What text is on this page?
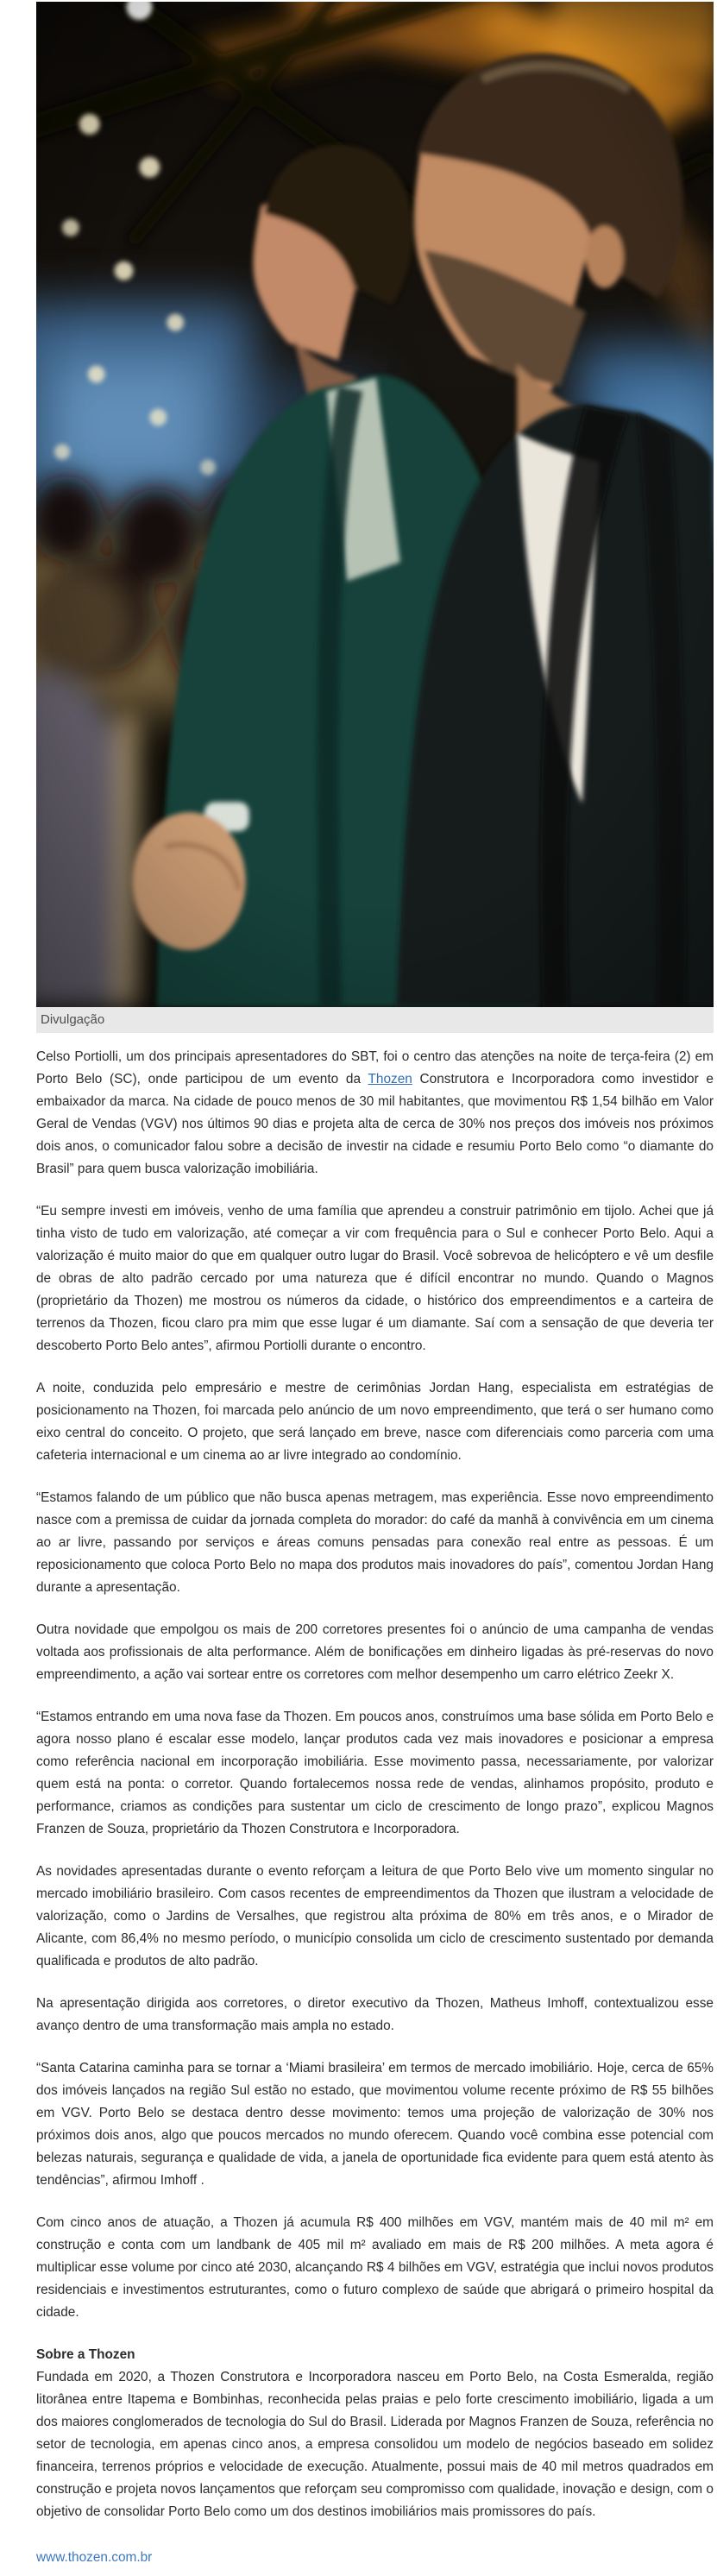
Divulgação

Celso Portiolli, um dos principais apresentadores do SBT, foi o centro das atenções na noite de terça-feira (2) em Porto Belo (SC), onde participou de um evento da Thozen Construtora e Incorporadora como investidor e embaixador da marca. Na cidade de pouco menos de 30 mil habitantes, que movimentou R$ 1,54 bilhão em Valor Geral de Vendas (VGV) nos últimos 90 dias e projeta alta de cerca de 30% nos preços dos imóveis nos próximos dois anos, o comunicador falou sobre a decisão de investir na cidade e resumiu Porto Belo como “o diamante do Brasil” para quem busca valorização imobiliária.

“Eu sempre investi em imóveis, venho de uma família que aprendeu a construir patrimônio em tijolo. Achei que já tinha visto de tudo em valorização, até começar a vir com frequência para o Sul e conhecer Porto Belo. Aqui a valorização é muito maior do que em qualquer outro lugar do Brasil. Você sobrevoa de helicóptero e vê um desfile de obras de alto padrão cercado por uma natureza que é difícil encontrar no mundo. Quando o Magnos (proprietário da Thozen) me mostrou os números da cidade, o histórico dos empreendimentos e a carteira de terrenos da Thozen, ficou claro pra mim que esse lugar é um diamante. Saí com a sensação de que deveria ter descoberto Porto Belo antes”, afirmou Portiolli durante o encontro.

A noite, conduzida pelo empresário e mestre de cerimônias Jordan Hang, especialista em estratégias de posicionamento na Thozen, foi marcada pelo anúncio de um novo empreendimento, que terá o ser humano como eixo central do conceito. O projeto, que será lançado em breve, nasce com diferenciais como parceria com uma cafeteria internacional e um cinema ao ar livre integrado ao condomínio.

“Estamos falando de um público que não busca apenas metragem, mas experiência. Esse novo empreendimento nasce com a premissa de cuidar da jornada completa do morador: do café da manhã à convivência em um cinema ao ar livre, passando por serviços e áreas comuns pensadas para conexão real entre as pessoas. É um reposicionamento que coloca Porto Belo no mapa dos produtos mais inovadores do país”, comentou Jordan Hang durante a apresentação.

Outra novidade que empolgou os mais de 200 corretores presentes foi o anúncio de uma campanha de vendas voltada aos profissionais de alta performance. Além de bonificações em dinheiro ligadas às pré-reservas do novo empreendimento, a ação vai sortear entre os corretores com melhor desempenho um carro elétrico Zeekr X.

“Estamos entrando em uma nova fase da Thozen. Em poucos anos, construímos uma base sólida em Porto Belo e agora nosso plano é escalar esse modelo, lançar produtos cada vez mais inovadores e posicionar a empresa como referência nacional em incorporação imobiliária. Esse movimento passa, necessariamente, por valorizar quem está na ponta: o corretor. Quando fortalecemos nossa rede de vendas, alinhamos propósito, produto e performance, criamos as condições para sustentar um ciclo de crescimento de longo prazo”, explicou Magnos Franzen de Souza, proprietário da Thozen Construtora e Incorporadora.

As novidades apresentadas durante o evento reforçam a leitura de que Porto Belo vive um momento singular no mercado imobiliário brasileiro. Com casos recentes de empreendimentos da Thozen que ilustram a velocidade de valorização, como o Jardins de Versalhes, que registrou alta próxima de 80% em três anos, e o Mirador de Alicante, com 86,4% no mesmo período, o município consolida um ciclo de crescimento sustentado por demanda qualificada e produtos de alto padrão.

Na apresentação dirigida aos corretores, o diretor executivo da Thozen, Matheus Imhoff, contextualizou esse avanço dentro de uma transformação mais ampla no estado.

“Santa Catarina caminha para se tornar a ‘Miami brasileira’ em termos de mercado imobiliário. Hoje, cerca de 65% dos imóveis lançados na região Sul estão no estado, que movimentou volume recente próximo de R$ 55 bilhões em VGV. Porto Belo se destaca dentro desse movimento: temos uma projeção de valorização de 30% nos próximos dois anos, algo que poucos mercados no mundo oferecem. Quando você combina esse potencial com belezas naturais, segurança e qualidade de vida, a janela de oportunidade fica evidente para quem está atento às tendências”, afirmou Imhoff .

Com cinco anos de atuação, a Thozen já acumula R$ 400 milhões em VGV, mantém mais de 40 mil m² em construção e conta com um landbank de 405 mil m² avaliado em mais de R$ 200 milhões. A meta agora é multiplicar esse volume por cinco até 2030, alcançando R$ 4 bilhões em VGV, estratégia que inclui novos produtos residenciais e investimentos estruturantes, como o futuro complexo de saúde que abrigará o primeiro hospital da cidade.

Sobre a Thozen

Fundada em 2020, a Thozen Construtora e Incorporadora nasceu em Porto Belo, na Costa Esmeralda, região litorânea entre Itapema e Bombinhas, reconhecida pelas praias e pelo forte crescimento imobiliário, ligada a um dos maiores conglomerados de tecnologia do Sul do Brasil. Liderada por Magnos Franzen de Souza, referência no setor de tecnologia, em apenas cinco anos, a empresa consolidou um modelo de negócios baseado em solidez financeira, terrenos próprios e velocidade de execução. Atualmente, possui mais de 40 mil metros quadrados em construção e projeta novos lançamentos que reforçam seu compromisso com qualidade, inovação e design, com o objetivo de consolidar Porto Belo como um dos destinos imobiliários mais promissores do país.

www.thozen.com.br
